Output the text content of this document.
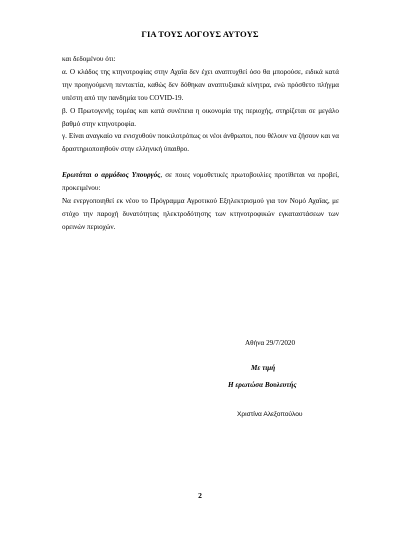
ΓΙΑ ΤΟΥΣ ΛΟΓΟΥΣ ΑΥΤΟΥΣ

και δεδομένου ότι:

α. Ο κλάδος της κτηνοτροφίας στην Αχαΐα δεν έχει αναπτυχθεί όσο θα μπορούσε, ειδικά κατά την προηγούμενη πενταετία, καθώς δεν δόθηκαν αναπτυξιακά κίνητρα, ενώ πρόσθετο πλήγμα υπέστη από την πανδημία του COVID-19.

β. Ο Πρωτογενής τομέας και κατά συνέπεια η οικονομία της περιοχής, στηρίζεται σε μεγάλο βαθμό στην κτηνοτροφία.

γ. Είναι αναγκαίο να ενισχυθούν ποικιλοτρόπως οι νέοι άνθρωποι, που θέλουν να ζήσουν και να δραστηριοποιηθούν στην ελληνική ύπαιθρο.

Ερωτάται ο αρμόδιος Υπουργός, σε ποιες νομοθετικές πρωτοβουλίες προτίθεται να προβεί, προκειμένου:

Να ενεργοποιηθεί εκ νέου το Πρόγραμμα Αγροτικού Εξηλεκτρισμού για τον Νομό Αχαΐας, με στόχο την παροχή δυνατότητας ηλεκτροδότησης των κτηνοτροφικών εγκαταστάσεων των ορεινών περιοχών.

Αθήνα 29/7/2020
Με τιμή
Η ερωτώσα Βουλευτής
Χριστίνα Αλεξοπούλου
2
